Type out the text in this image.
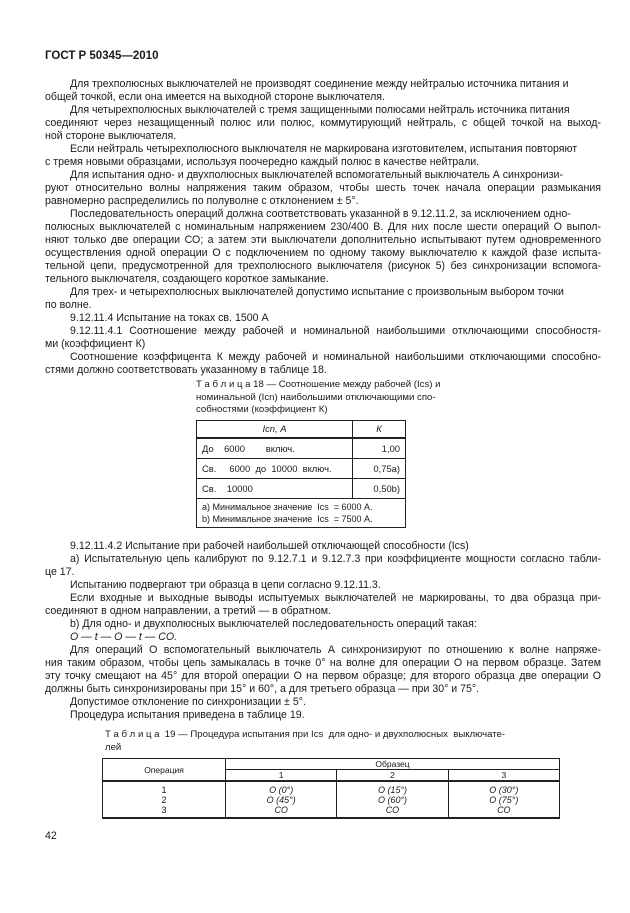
ГОСТ Р 50345—2010
Для трехполюсных выключателей не производят соединение между нейтралью источника питания и
общей точкой, если она имеется на выходной стороне выключателя.
Для четырехполюсных выключателей с тремя защищенными полюсами нейтраль источника питания
соединяют через незащищенный полюс или полюс, коммутирующий нейтраль, с общей точкой на выход-
ной стороне выключателя.
Если нейтраль четырехполюсного выключателя не маркирована изготовителем, испытания повторяют
с тремя новыми образцами, используя поочередно каждый полюс в качестве нейтрали.
Для испытания одно- и двухполюсных выключателей вспомогательный выключатель А синхронизи-
руют относительно волны напряжения таким образом, чтобы шесть точек начала операции размыкания
равномерно распределились по полуволне с отклонением ± 5°.
Последовательность операций должна соответствовать указанной в 9.12.11.2, за исключением одно-
полюсных выключателей с номинальным напряжением 230/400 В. Для них после шести операций О выпол-
няют только две операции СО; а затем эти выключатели дополнительно испытывают путем одновременного
осуществления одной операции О с подключением по одному такому выключателю к каждой фазе испыта-
тельной цепи, предусмотренной для трехполюсного выключателя (рисунок 5) без синхронизации вспомога-
тельного выключателя, создающего короткое замыкание.
Для трех- и четырехполюсных выключателей допустимо испытание с произвольным выбором точки
по волне.
9.12.11.4 Испытание на токах св. 1500 А
9.12.11.4.1 Соотношение между рабочей и номинальной наибольшими отключающими способностя-
ми (коэффициент К)
Соотношение коэффицента К между рабочей и номинальной наибольшими отключающими способно-
стями должно соответствовать указанному в таблице 18.
Т а б л и ц а 18 — Соотношение между рабочей (Ics) и
номинальной (Icn) наибольшими отключающими спо-
собностями (коэффициент К)
Icn, А	К
До    6000        включ.	1,00
Св.     6000  до  10000  включ.	0,75a)
Св.    10000	0,50b)

a) Минимальное значение  Ics  = 6000 А.
b) Минимальное значение  Ics  = 7500 А.	
9.12.11.4.2 Испытание при рабочей наибольшей отключающей способности (Ics)
а) Испытательную цепь калибруют по 9.12.7.1 и 9.12.7.3 при коэффициенте мощности согласно табли-
це 17.
Испытанию подвергают три образца в цепи согласно 9.12.11.3.
Если входные и выходные выводы испытуемых выключателей не маркированы, то два образца при-
соединяют в одном направлении, а третий — в обратном.
b) Для одно- и двухполюсных выключателей последовательность операций такая:
О — t — О — t — СО.
Для операций О вспомогательный выключатель А синхронизируют по отношению к волне напряже-
ния таким образом, чтобы цепь замыкалась в точке 0° на волне для операции О на первом образце. Затем
эту точку смещают на 45° для второй операции О на первом образце; для второго образца две операции О
должны быть синхронизированы при 15° и 60°, а для третьего образца — при 30° и 75°.
Допустимое отклонение по синхронизации ± 5°.
Процедура испытания приведена в таблице 19.
Т а б л и ц а  19 — Процедура испытания при Ics  для одно- и двухполюсных  выключате-
лей
Операция	Образец		
	1	2	3
1	О (0°)	О (15°)	О (30°)
2	О (45°)	О (60°)	О (75°)
3	СО	СО	СО
42
